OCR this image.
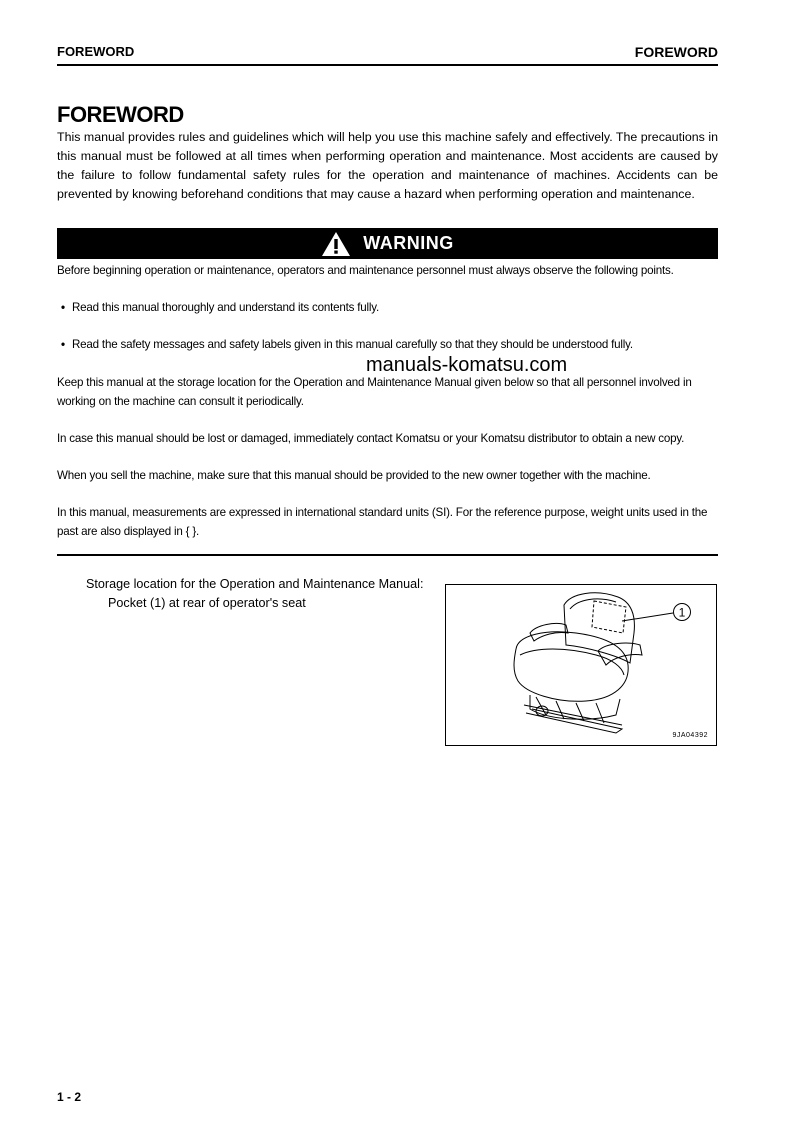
FOREWORD	FOREWORD
FOREWORD

This manual provides rules and guidelines which will help you use this machine safely and effectively. The precautions in this manual must be followed at all times when performing operation and maintenance. Most accidents are caused by the failure to follow fundamental safety rules for the operation and maintenance of machines. Accidents can be prevented by knowing beforehand conditions that may cause a hazard when performing operation and maintenance.

WARNING
Before beginning operation or maintenance, operators and maintenance personnel must always observe the following points.
• Read this manual thoroughly and understand its contents fully.
• Read the safety messages and safety labels given in this manual carefully so that they should be understood fully.
manuals-komatsu.com
Keep this manual at the storage location for the Operation and Maintenance Manual given below so that all personnel involved in working on the machine can consult it periodically.
In case this manual should be lost or damaged, immediately contact Komatsu or your Komatsu distributor to obtain a new copy.
When you sell the machine, make sure that this manual should be provided to the new owner together with the machine.
In this manual, measurements are expressed in international standard units (SI). For the reference purpose, weight units used in the past are also displayed in { }.
Storage location for the Operation and Maintenance Manual:
Pocket (1) at rear of operator's seat
1
9JA04392
1 - 2
